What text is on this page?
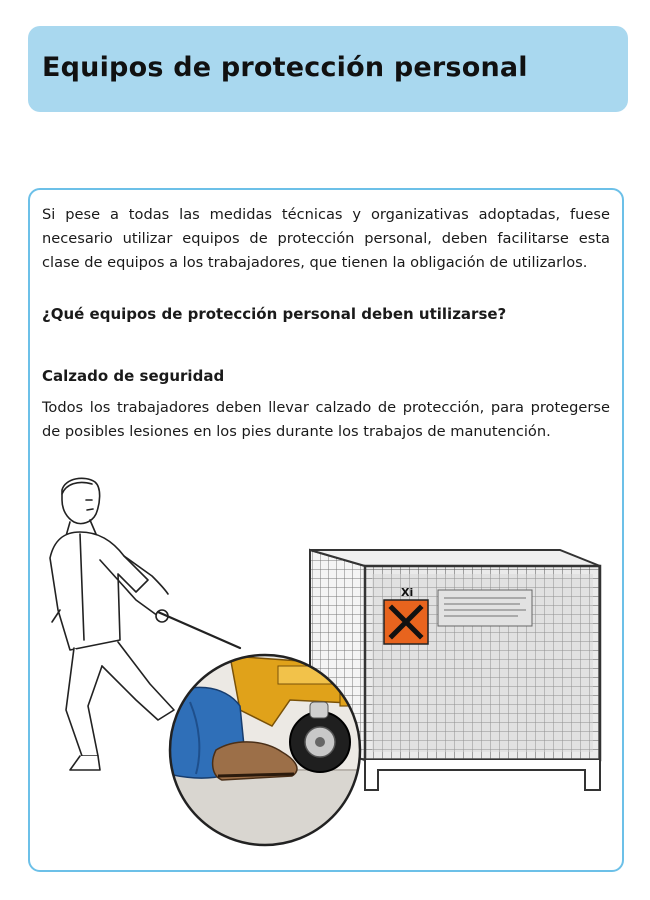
Equipos de protección personal

Si pese a todas las medidas técnicas y organizativas adoptadas, fuese necesario utilizar equipos de protección personal, deben facilitarse esta clase de equipos a los trabajadores, que tienen la obligación de utilizarlos.

¿Qué equipos de protección personal deben utilizarse?

Calzado de seguridad

Todos los trabajadores deben llevar calzado de protección, para protegerse de posibles lesiones en los pies durante los trabajos de manutención.

Xi
